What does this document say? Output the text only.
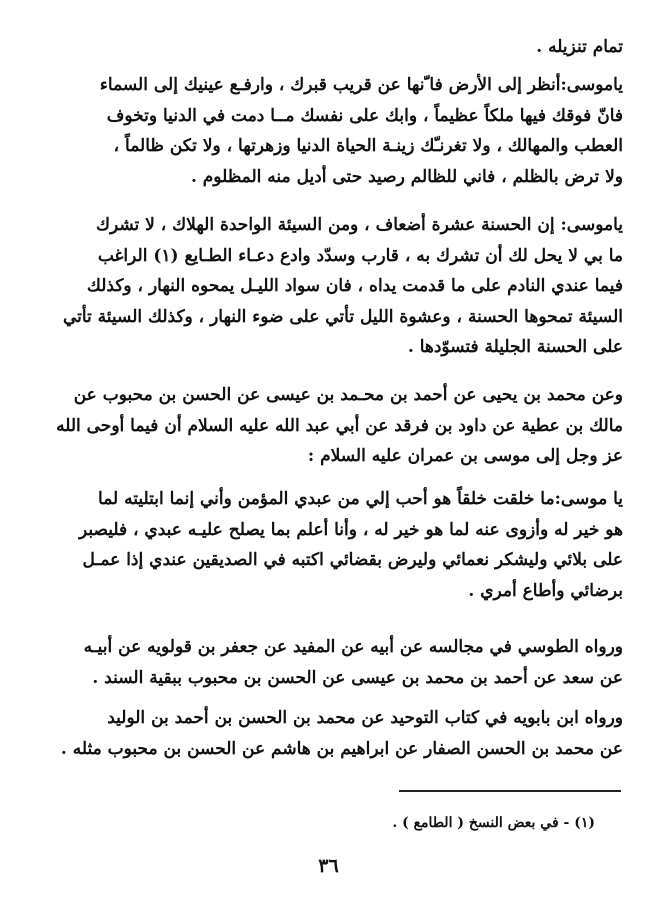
تمام تنزيله .
ياموسى:أنظر إلى الأرض فا ّنها عن قريب قبرك ، وارفـع عينيك إلى السماء
فانّ فوقك فيها ملكاً عظيماً ، وابك على نفسك مــا دمت في الدنيا وتخوف
العطب والمهالك ، ولا تغرنـّك زينـة الحياة الدنيا وزهرتها ، ولا تكن ظالماً ،
ولا ترض بالظلم ، فاني للظالم رصيد حتى أديل منه المظلوم .
ياموسى: إن الحسنة عشرة أضعاف ، ومن السيئة الواحدة الهلاك ، لا تشرك
ما بي لا يحل لك أن تشرك به ، قارب وسدّد وادع دعـاء الطـايع (١) الراغب
فيما عندي النادم على ما قدمت يداه ، فان سواد الليـل يمحوه النهار ، وكذلك
السيئة تمحوها الحسنة ، وعشوة الليل تأتي على ضوء النهار ، وكذلك السيئة تأتي
على الحسنة الجليلة فتسوّدها .
وعن محمد بن يحيى عن أحمد بن محـمد بن عيسى عن الحسن بن محبوب عن
مالك بن عطية عن داود بن فرقد عن أبي عبد الله عليه السلام أن فيما أوحى الله
عز وجل إلى موسى بن عمران عليه السلام :
يا موسى:ما خلقت خلقاً هو أحب إلي من عبدي المؤمن وأني إنما ابتليته لما
هو خير له وأزوى عنه لما هو خير له ، وأنا أعلم بما يصلح عليـه عبدي ، فليصبر
على بلائي وليشكر نعمائي وليرض بقضائي اكتبه في الصديقين عندي إذا عمـل
برضائي وأطاع أمري .
ورواه الطوسي في مجالسه عن أبيه عن المفيد عن جعفر بن قولويه عن أبيـه
عن سعد عن أحمد بن محمد بن عيسى عن الحسن بن محبوب ببقية السند .
ورواه ابن بابويه في كتاب التوحيد عن محمد بن الحسن بن أحمد بن الوليد
عن محمد بن الحسن الصفار عن ابراهيم بن هاشم عن الحسن بن محبوب مثله .
(١) - في بعض النسخ ( الطامع ) .
٣٦
